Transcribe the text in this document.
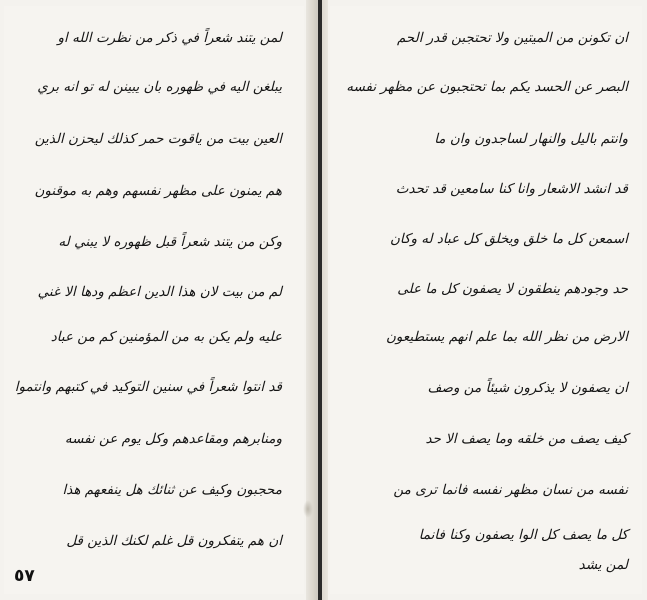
لمن يتند شعراً في ذكر من نظرت الله او
يبلغن اليه في ظهوره بان يبينن له تو انه بري
العين بيت من ياقوت حمر كذلك ليحزن الذين
هم يمنون على مظهر نفسهم وهم به موقنون
وكن من يتند شعراً قبل ظهوره لا يبني له
لم من بيت لان هذا الدين اعظم ودها الا غني
عليه ولم يكن به من المؤمنين كم من عباد
قد انتوا شعراً في سنين التوكيد في كتبهم وانتموا
ومنابرهم ومقاعدهم وكل يوم عن نفسه
محجبون وكيف عن ثنائك هل ينفعهم هذا
ان هم يتفكرون قل غلم لكنك الذين قل
ان تكونن من الميتين ولا تحتجبن قدر الحم
البصر عن الحسد يكم بما تحتجبون عن مظهر نفسه
وانتم باليل والنهار لساجدون وان ما
قد انشد الاشعار وانا كنا سامعين قد تحدث
اسمعن كل ما خلق ويخلق كل عباد له وكان
حد وجودهم ينطقون لا يصفون كل ما على
الارض من نظر الله بما علم انهم يستطيعون
ان يصفون لا يذكرون شيئاً من وصف
كيف يصف من خلقه وما يصف الا حد
نفسه من نسان مظهر نفسه فانما ترى من
كل ما يصف كل الوا يصفون وكنا فانما
لمن يشد
٥٧
